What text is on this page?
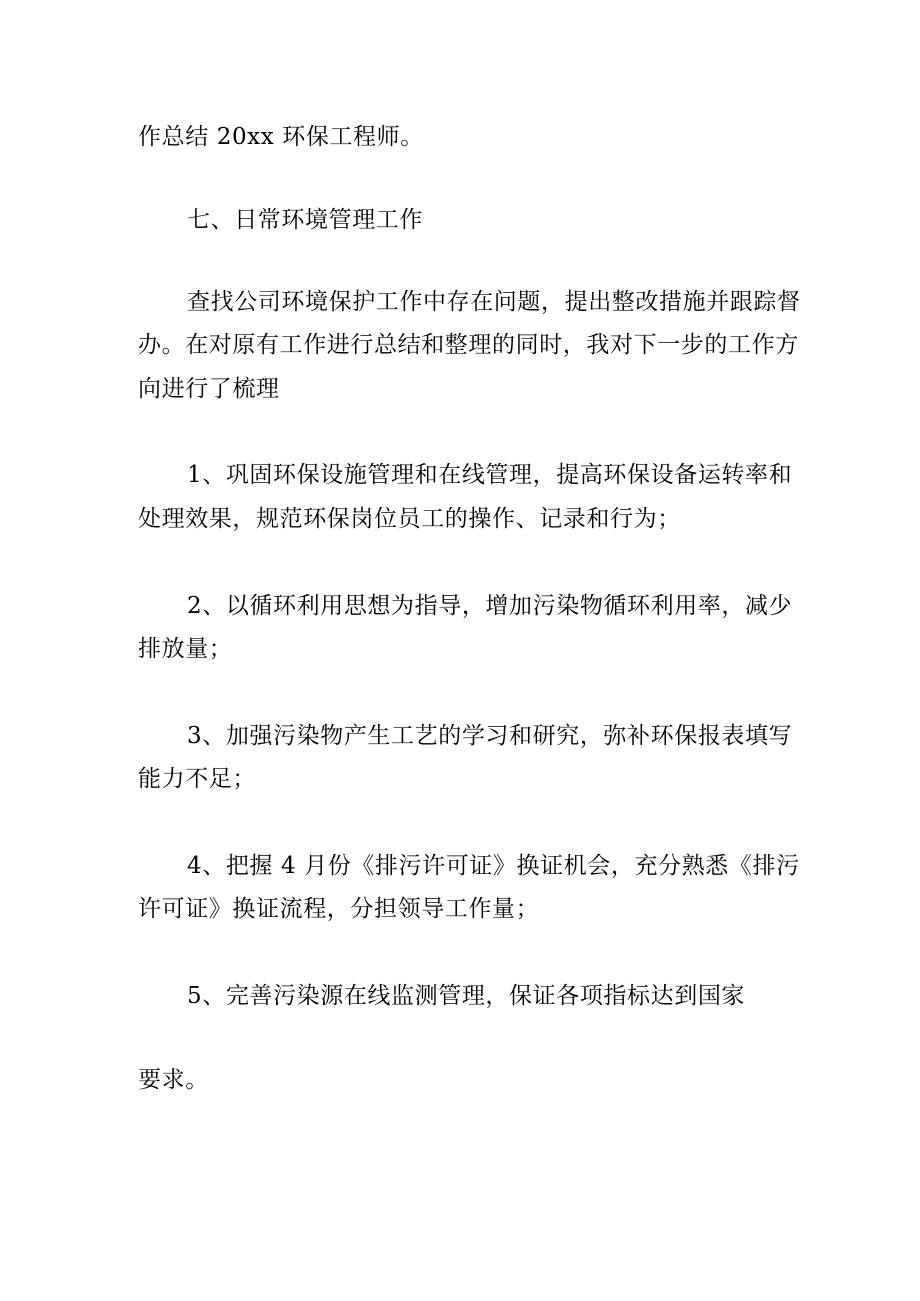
作总结 20xx 环保工程师。

七、日常环境管理工作

查找公司环境保护工作中存在问题，提出整改措施并跟踪督

办。在对原有工作进行总结和整理的同时，我对下一步的工作方

向进行了梳理

1、巩固环保设施管理和在线管理，提高环保设备运转率和

处理效果，规范环保岗位员工的操作、记录和行为；

2、以循环利用思想为指导，增加污染物循环利用率，减少

排放量；

3、加强污染物产生工艺的学习和研究，弥补环保报表填写

能力不足；

4、把握 4 月份《排污许可证》换证机会，充分熟悉《排污

许可证》换证流程，分担领导工作量；

5、完善污染源在线监测管理，保证各项指标达到国家

要求。
